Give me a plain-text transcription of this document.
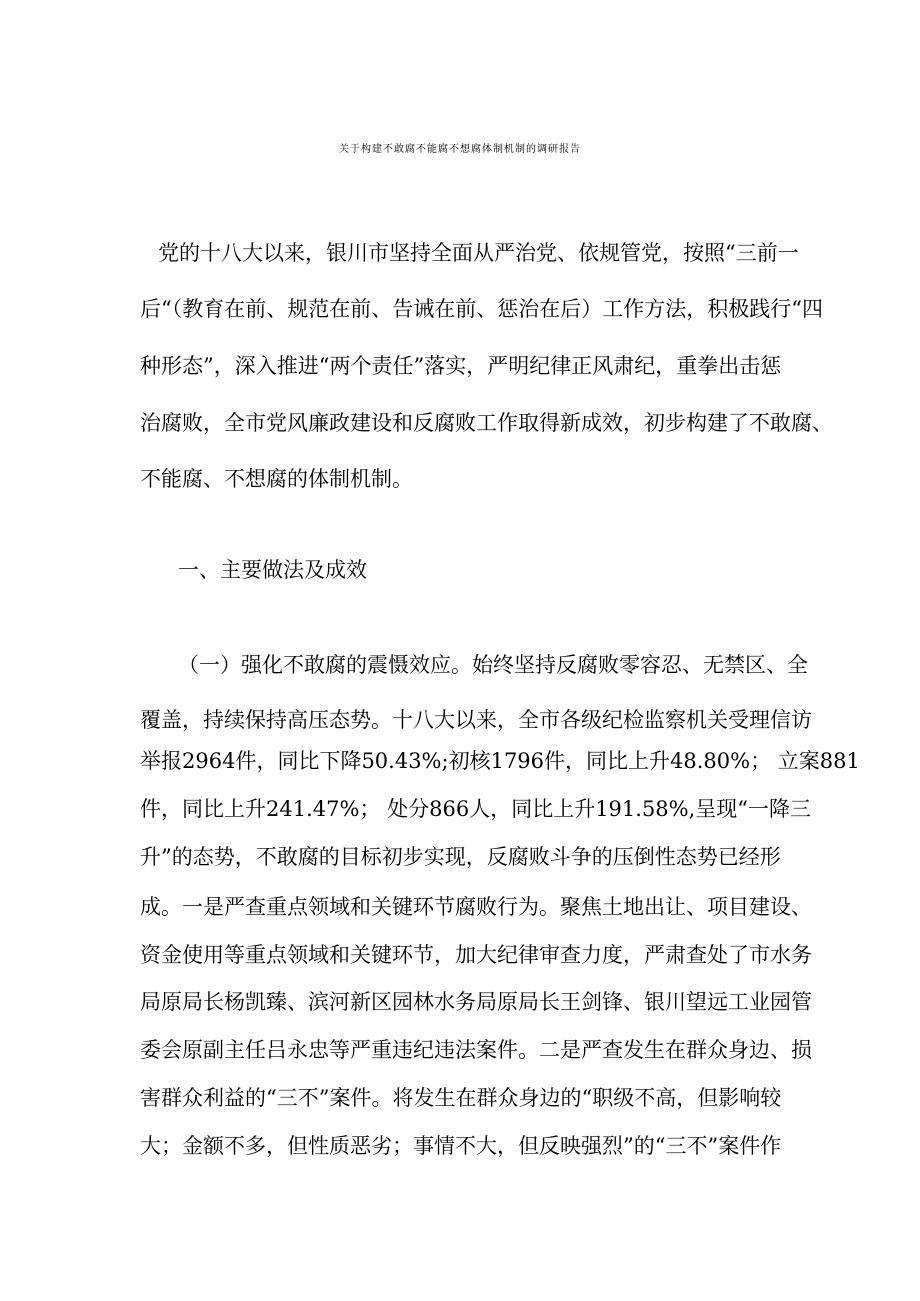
关于构建不敢腐不能腐不想腐体制机制的调研报告
党的十八大以来，银川市坚持全面从严治党、依规管党，按照“三前一
后“（教育在前、规范在前、告诫在前、惩治在后）工作方法，积极践行“四
种形态”，深入推进“两个责任”落实，严明纪律正风肃纪，重拳出击惩
治腐败，全市党风廉政建设和反腐败工作取得新成效，初步构建了不敢腐、
不能腐、不想腐的体制机制。
一、主要做法及成效
（一）强化不敢腐的震慑效应。始终坚持反腐败零容忍、无禁区、全
覆盖，持续保持高压态势。十八大以来，全市各级纪检监察机关受理信访
举报2964件，同比下降50.43%;初核1796件，同比上升48.80%； 立案881
件，同比上升241.47%； 处分866人，同比上升191.58%,呈现“一降三
升”的态势，不敢腐的目标初步实现，反腐败斗争的压倒性态势已经形
成。一是严查重点领域和关键环节腐败行为。聚焦土地出让、项目建设、
资金使用等重点领域和关键环节，加大纪律审查力度，严肃查处了市水务
局原局长杨凯臻、滨河新区园林水务局原局长王剑锋、银川望远工业园管
委会原副主任吕永忠等严重违纪违法案件。二是严查发生在群众身边、损
害群众利益的“三不”案件。将发生在群众身边的“职级不高，但影响较
大；金额不多，但性质恶劣；事情不大，但反映强烈”的“三不”案件作
